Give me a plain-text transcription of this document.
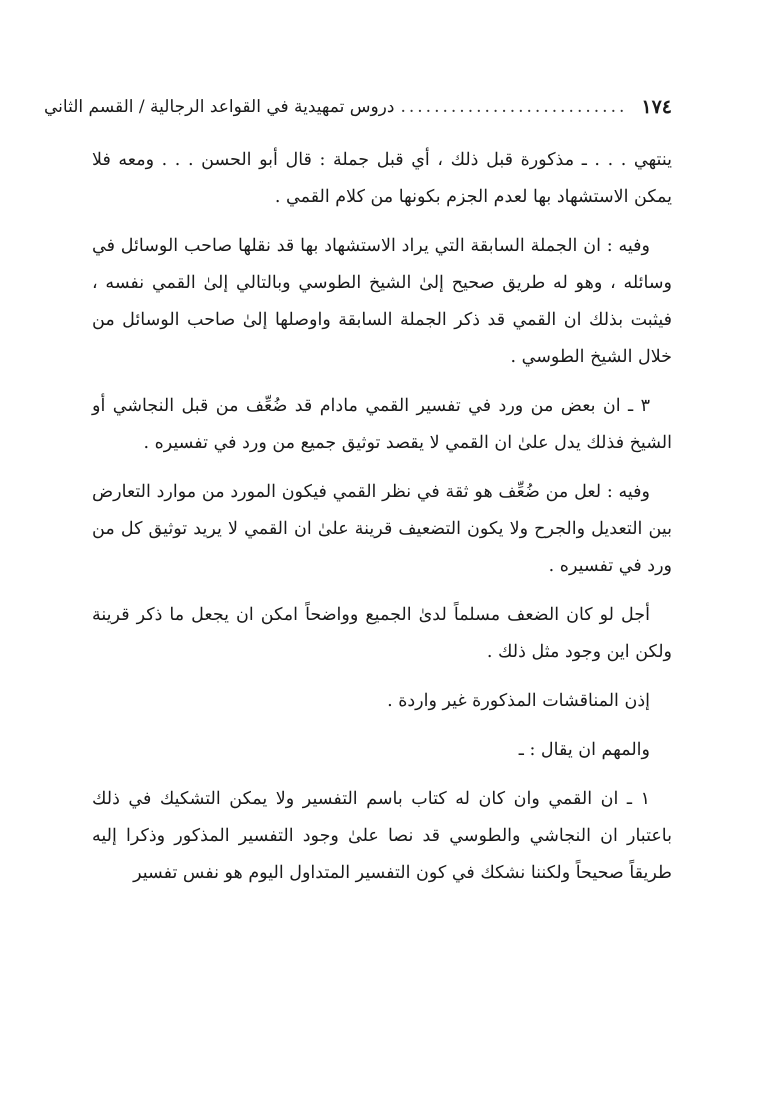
١٧٤
...........................
دروس تمهيدية في القواعد الرجالية / القسم الثاني

ينتهي . . . ـ مذكورة قبل ذلك ، أي قبل جملة : قال أبو الحسن . . . ومعه فلا يمكن الاستشهاد بها لعدم الجزم بكونها من كلام القمي .

وفيه : ان الجملة السابقة التي يراد الاستشهاد بها قد نقلها صاحب الوسائل في وسائله ، وهو له طريق صحيح إلىٰ الشيخ الطوسي وبالتالي إلىٰ القمي نفسه ، فيثبت بذلك ان القمي قد ذكر الجملة السابقة واوصلها إلىٰ صاحب الوسائل من خلال الشيخ الطوسي .

٣ ـ ان بعض من ورد في تفسير القمي مادام قد ضُعِّف من قبل النجاشي أو الشيخ فذلك يدل علىٰ ان القمي لا يقصد توثيق جميع من ورد في تفسيره .

وفيه : لعل من ضُعِّف هو ثقة في نظر القمي فيكون المورد من موارد التعارض بين التعديل والجرح ولا يكون التضعيف قرينة علىٰ ان القمي لا يريد توثيق كل من ورد في تفسيره .

أجل لو كان الضعف مسلماً لدىٰ الجميع وواضحاً امكن ان يجعل ما ذكر قرينة ولكن اين وجود مثل ذلك .

إذن المناقشات المذكورة غير واردة .

والمهم ان يقال : ـ

١ ـ ان القمي وان كان له كتاب باسم التفسير ولا يمكن التشكيك في ذلك باعتبار ان النجاشي والطوسي قد نصا علىٰ وجود التفسير المذكور وذكرا إليه طريقاً صحيحاً ولكننا نشكك في كون التفسير المتداول اليوم هو نفس تفسير
